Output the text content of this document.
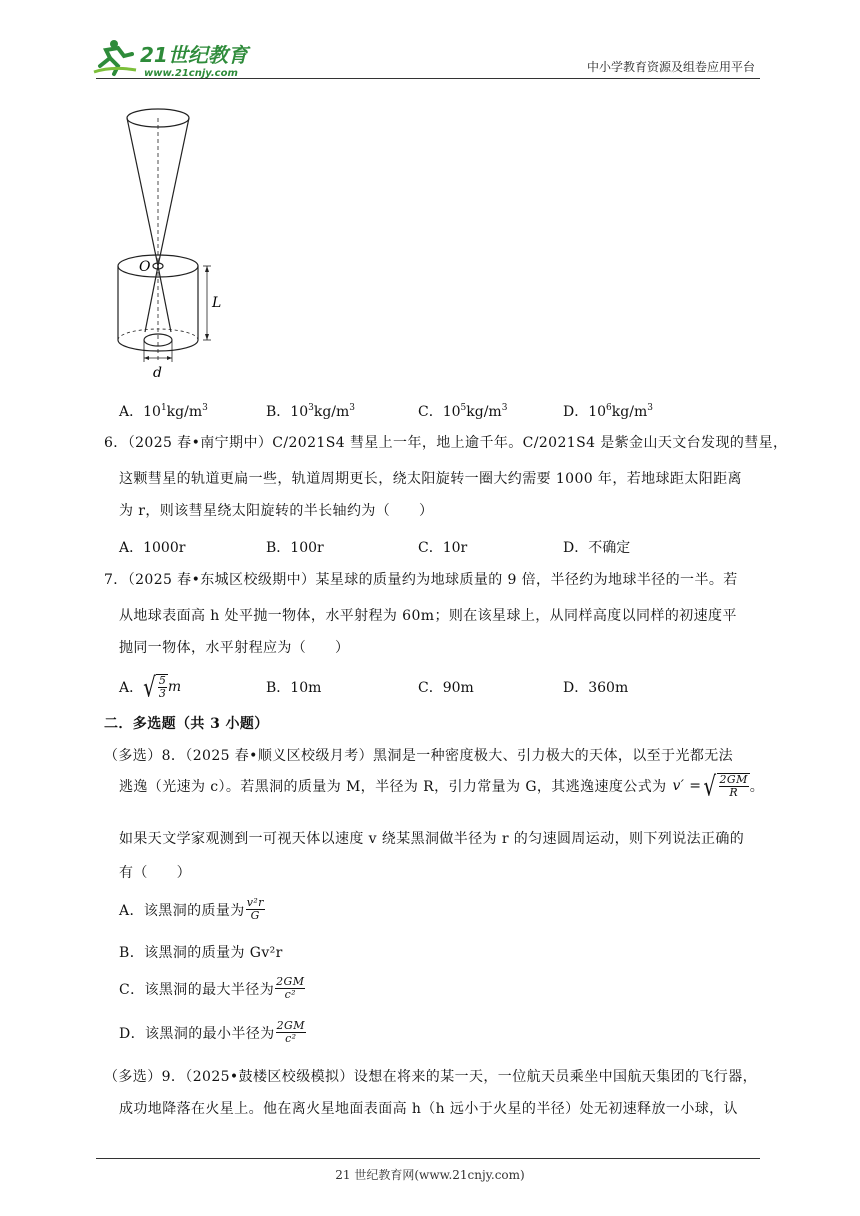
21世纪教育
www.21cnjy.com	中小学教育资源及组卷应用平台
O
L
d
A．$10^1kg/m^3$	B．$10^3kg/m^3$	C．$10^5kg/m^3$	D．$10^6kg/m^3$
6．（2025 春•南宁期中）C/2021S4 彗星上一年，地上逾千年。C/2021S4 是紫金山天文台发现的彗星，
这颗彗星的轨道更扁一些，轨道周期更长，绕太阳旋转一圈大约需要 1000 年，若地球距太阳距离
为 r，则该彗星绕太阳旋转的半长轴约为（　　）
A．1000r	B．100r	C．10r	D．不确定
7．（2025 春•东城区校级期中）某星球的质量约为地球质量的 9 倍，半径约为地球半径的一半。若
从地球表面高 h 处平抛一物体，水平射程为 60m；则在该星球上，从同样高度以同样的初速度平
抛同一物体，水平射程应为（　　）
A． √ $\frac{5}{3}$ m	B．10m	C．90m	D．360m
二．多选题（共 3 小题）
（多选）8．（2025 春•顺义区校级月考）黑洞是一种密度极大、引力极大的天体，以至于光都无法
逃逸（光速为 c）。若黑洞的质量为 M，半径为 R，引力常量为 G，其逃逸速度公式为 v′ = √ $\frac{2GM}{R}$ 。
如果天文学家观测到一可视天体以速度 v 绕某黑洞做半径为 r 的匀速圆周运动，则下列说法正确的
有（　　）
A．该黑洞的质量为 $\frac{\text{v²r}}{G}$
B．该黑洞的质量为 Gv²r
C．该黑洞的最大半径为 $\frac{2GM}{\text{c²}}$
D．该黑洞的最小半径为 $\frac{2GM}{\text{c²}}$
（多选）9．（2025•鼓楼区校级模拟）设想在将来的某一天，一位航天员乘坐中国航天集团的飞行器，
成功地降落在火星上。他在离火星地面表面高 h（h 远小于火星的半径）处无初速释放一小球，认
21 世纪教育网(www.21cnjy.com)
